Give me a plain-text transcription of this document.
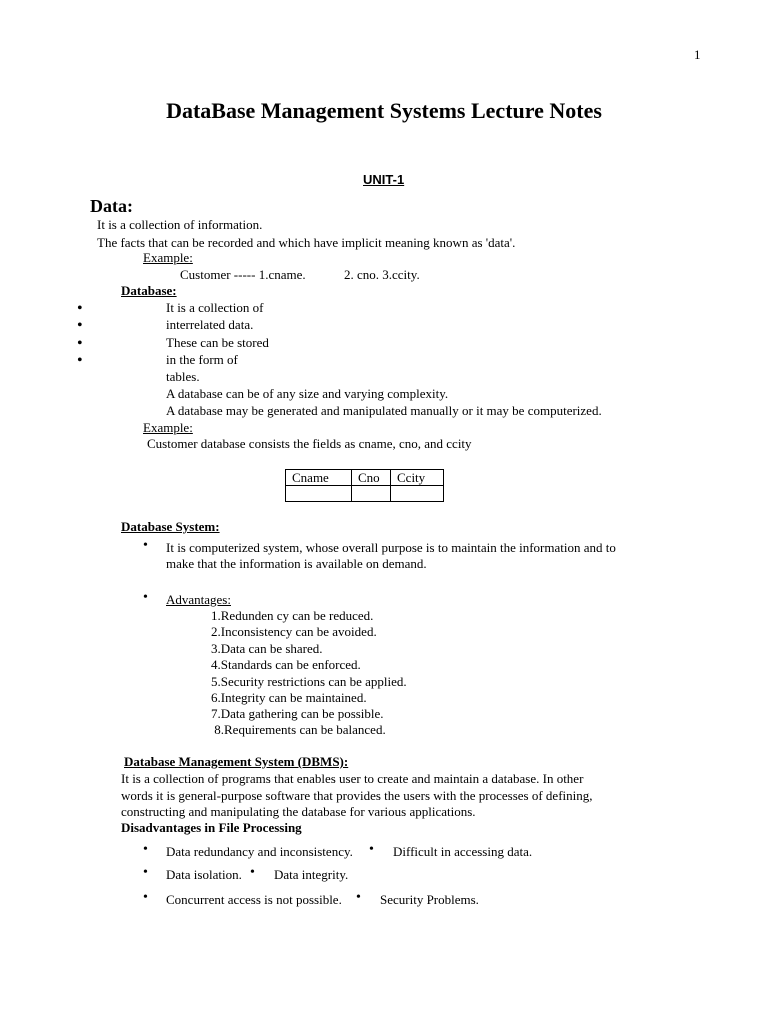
1
DataBase Management Systems Lecture Notes
UNIT-1
Data:
It is a collection of information.
The facts that can be recorded and which have implicit meaning known as 'data'.
Example:
Customer ----- 1.cname.	2. cno. 3.ccity.
Database:
•
•
•
•
It is a collection of
interrelated data.
These can be stored
in the form of
tables.
A database can be of any size and varying complexity.
A database may be generated and manipulated manually or it may be computerized.
Example:
Customer database consists the fields as cname, cno, and ccity
Cname	Cno	Ccity

Database System:
• It is computerized system, whose overall purpose is to maintain the information and to
make that the information is available on demand.
• Advantages:
1.Redunden cy can be reduced.
2.Inconsistency can be avoided.
3.Data can be shared.
4.Standards can be enforced.
5.Security restrictions can be applied.
6.Integrity can be maintained.
7.Data gathering can be possible.
8.Requirements can be balanced.
Database Management System (DBMS):
It is a collection of programs that enables user to create and maintain a database. In other
words it is general-purpose software that provides the users with the processes of defining,
constructing and manipulating the database for various applications.
Disadvantages in File Processing
• Data redundancy and inconsistency. • Difficult in accessing data.
• Data isolation. • Data integrity.
• Concurrent access is not possible. • Security Problems.
